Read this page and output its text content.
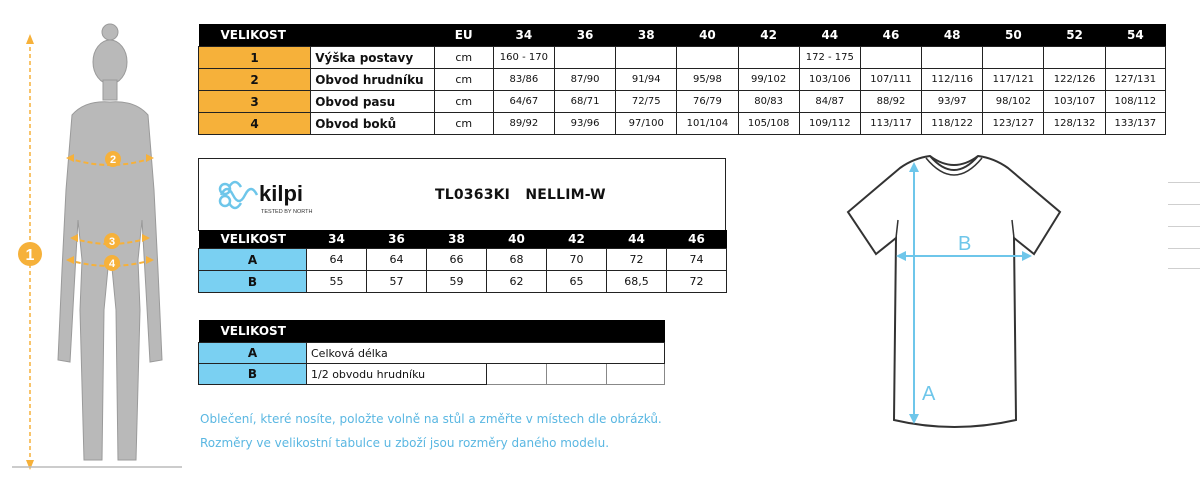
1
2
3
4
VELIKOST		EU	34	36	38	40	42	44	46	48	50	52	54
1	Výška postavy	cm	160 - 170					172 - 175					
2	Obvod hrudníku	cm	83/86	87/90	91/94	95/98	99/102	103/106	107/111	112/116	117/121	122/126	127/131
3	Obvod pasu	cm	64/67	68/71	72/75	76/79	80/83	84/87	88/92	93/97	98/102	103/107	108/112
4	Obvod boků	cm	89/92	93/96	97/100	101/104	105/108	109/112	113/117	118/122	123/127	128/132	133/137
kilpi
TESTED BY NORTH
TL0363KI   NELLIM-W
VELIKOST	34	36	38	40	42	44	46
A	64	64	66	68	70	72	74
B	55	57	59	62	65	68,5	72
VELIKOST				
A	Celková délka			
B	1/2 obvodu hrudníku			
Oblečení, které nosíte, položte volně na stůl a změřte v místech dle obrázků.
Rozměry ve velikostní tabulce u zboží jsou rozměry daného modelu.
A
B
